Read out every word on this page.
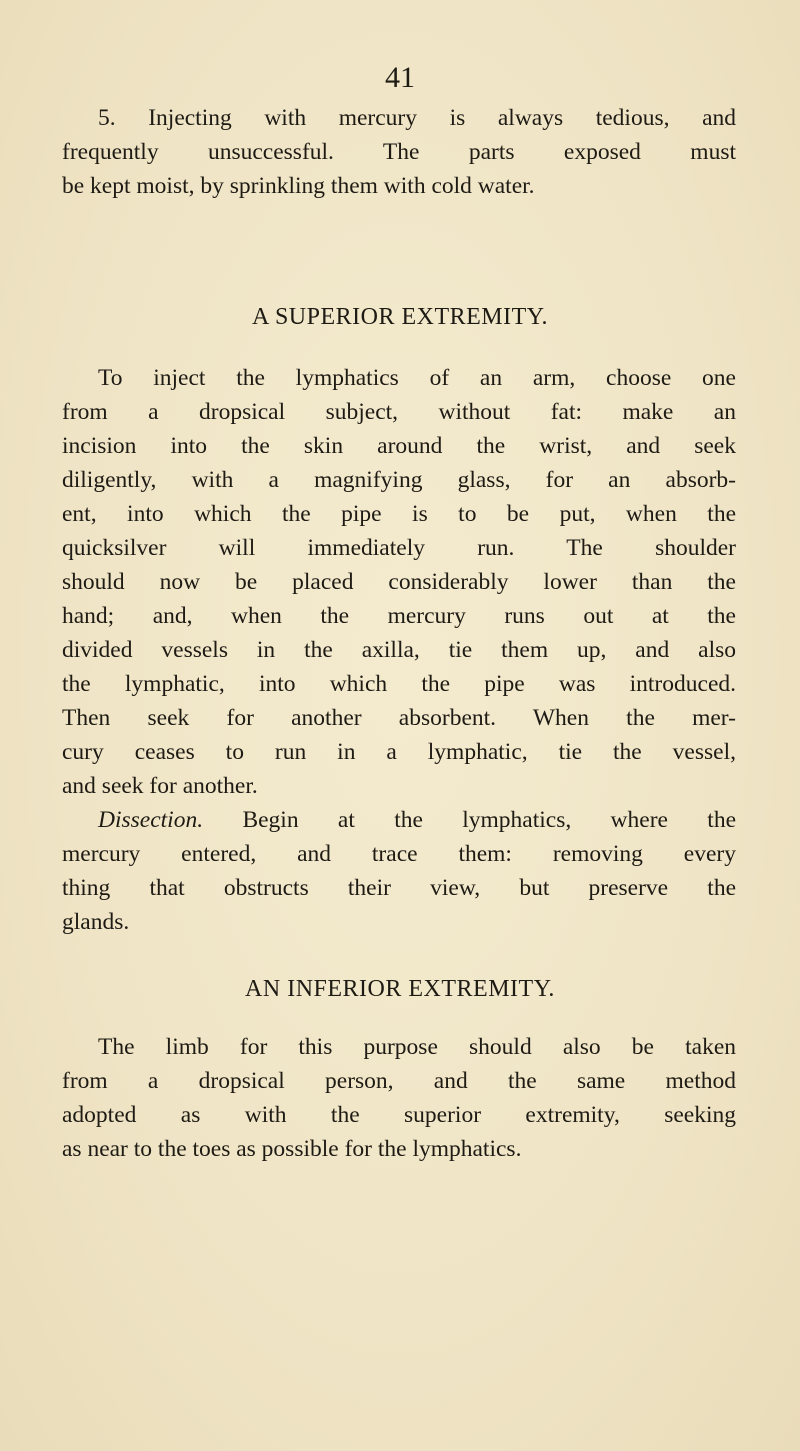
41
5. Injecting with mercury is always tedious, and
frequently unsuccessful. The parts exposed must
be kept moist, by sprinkling them with cold water.
A SUPERIOR EXTREMITY.
To inject the lymphatics of an arm, choose one
from a dropsical subject, without fat: make an
incision into the skin around the wrist, and seek
diligently, with a magnifying glass, for an absorb-
ent, into which the pipe is to be put, when the
quicksilver will immediately run. The shoulder
should now be placed considerably lower than the
hand; and, when the mercury runs out at the
divided vessels in the axilla, tie them up, and also
the lymphatic, into which the pipe was introduced.
Then seek for another absorbent. When the mer-
cury ceases to run in a lymphatic, tie the vessel,
and seek for another.
Dissection. Begin at the lymphatics, where the
mercury entered, and trace them: removing every
thing that obstructs their view, but preserve the
glands.
AN INFERIOR EXTREMITY.
The limb for this purpose should also be taken
from a dropsical person, and the same method
adopted as with the superior extremity, seeking
as near to the toes as possible for the lymphatics.
